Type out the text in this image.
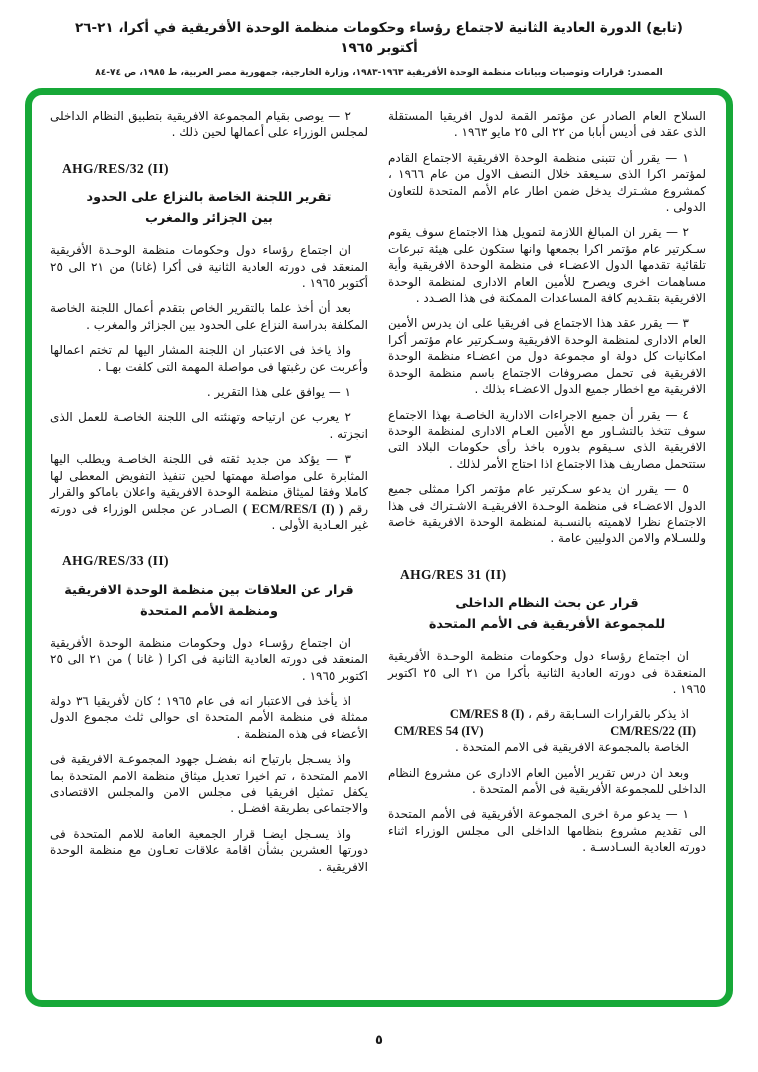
(تابع) الدورة العادية الثانية لاجتماع رؤساء وحكومات منظمة الوحدة الأفريقية في أكرا، ٢١-٢٦ أكتوبر ١٩٦٥
المصدر: قرارات وتوصيات وبيانات منظمة الوحدة الأفريقية ١٩٦٣-١٩٨٣، وزارة الخارجية، جمهورية مصر العربية، ط ١٩٨٥، ص ٧٤-٨٤

السلاح العام الصادر عن مؤتمر القمة لدول افريقيا المستقلة الذى عقد فى أديس أبابا من ٢٢ الى ٢٥ مايو ١٩٦٣ .

١ — يقرر أن تتبنى منظمة الوحدة الافريقية الاجتماع القادم لمؤتمر اكرا الذى سـيعقد خلال النصف الاول من عام ١٩٦٦ ، كمشروع مشـترك يدخل ضمن اطار عام الأمم المتحدة للتعاون الدولى .

٢ — يقرر ان المبالغ اللازمة لتمويل هذا الاجتماع سوف يقوم سـكرتير عام مؤتمر اكرا بجمعها وانها ستكون على هيئة تبرعات تلقائية تقدمها الدول الاعضـاء فى منظمة الوحدة الافريقية وأية مساهمات اخرى ويصرح للأمين العام الادارى لمنظمة الوحدة الافريقية بتقـديم كافة المساعدات الممكنة فى هذا الصـدد .

٣ — يقرر عقد هذا الاجتماع فى افريقيا على ان يدرس الأمين العام الادارى لمنظمة الوحدة الافريقية وسـكرتير عام مؤتمر أكرا امكانيات كل دولة او مجموعة دول من اعضـاء منظمة الوحدة الافريقية فى تحمل مصروفات الاجتماع باسم منظمة الوحدة الافريقية مع اخطار جميع الدول الاعضـاء بذلك .

٤ — يقرر أن جميع الاجراءات الادارية الخاصـة بهذا الاجتماع سوف تتخذ بالتشـاور مع الأمين العـام الادارى لمنظمة الوحدة الافريقية الذى سـيقوم بدوره باخذ رأى حكومات البلاد التى ستتحمل مصاريف هذا الاجتماع اذا احتاج الأمر لذلك .

٥ — يقرر ان يدعو سـكرتير عام مؤتمر اكرا ممثلى جميع الدول الاعضـاء فى منظمة الوحـدة الافريقيـة الاشـتراك فى هذا الاجتماع نظرا لاهميته بالنسـبة لمنظمة الوحدة الافريقية خاصة وللسـلام والامن الدوليين عامة .

AHG/RES 31 (II)
قرار عن بحث النظام الداخلى
للمجموعة الأفريقية فى الأمم المتحدة

ان اجتماع رؤساء دول وحكومات منظمة الوحـدة الأفريقية المنعقدة فى دورته العادية الثانية بأكرا من ٢١ الى ٢٥ اكتوبر ١٩٦٥ .

اذ يذكر بالقرارات السـابقة رقم ، CM/RES 8 (I)

CM/RES 54 (IV)	CM/RES/22 (II)

الخاصة بالمجموعة الافريقية فى الامم المتحدة .

وبعد ان درس تقرير الأمين العام الادارى عن مشروع النظام الداخلى للمجموعة الأفريقية فى الأمم المتحدة .

١ — يدعو مرة اخرى المجموعة الأفريقية فى الأمم المتحدة الى تقديم مشروع بنظامها الداخلى الى مجلس الوزراء اثناء دورته العادية السـادسـة .

٢ — يوصى بقيام المجموعة الافريقية بتطبيق النظام الداخلى لمجلس الوزراء على أعمالها لحين ذلك .

AHG/RES/32 (II)
تقرير اللجنة الخاصة بالنزاع على الحدود
بين الجزائر والمغرب

ان اجتماع رؤساء دول وحكومات منظمة الوحـدة الأفريقية المنعقد فى دورته العادية الثانية فى أكرا (غانا) من ٢١ الى ٢٥ أكتوبر ١٩٦٥ .

بعد أن أخذ علما بالتقرير الخاص بتقدم أعمال اللجنة الخاصة المكلفة بدراسة النزاع على الحدود بين الجزائر والمغرب .

واذ ياخذ فى الاعتبار ان اللجنة المشار اليها لم تختم اعمالها وأعربت عن رغبتها فى مواصلة المهمة التى كلفت بهـا .

١ — يوافق على هذا التقرير .

٢ يعرب عن ارتياحه وتهنئته الى اللجنة الخاصـة للعمل الذى انجزته .

٣ — يؤكد من جديد ثقته فى اللجنة الخاصـة ويطلب اليها المثابرة على مواصلة مهمتها لحين تنفيذ التفويض المعطى لها كاملا وفقا لميثاق منظمة الوحدة الافريقية واعلان باماكو والقرار رقم ( ECM/RES/I (I) ) الصـادر عن مجلس الوزراء فى دورته غير العـادية الأولى .

AHG/RES/33 (II)
قرار عن العلاقات بين منظمة الوحدة الافريقية
ومنظمة الأمم المتحدة

ان اجتماع رؤسـاء دول وحكومات منظمة الوحدة الأفريقية المنعقد فى دورته العادية الثانية فى اكرا ( غانا ) من ٢١ الى ٢٥ اكتوبر ١٩٦٥ .

اذ يأخذ فى الاعتبار انه فى عام ١٩٦٥ ؛ كان لأفريقيا ٣٦ دولة ممثلة فى منظمة الأمم المتحدة اى حوالى ثلث مجموع الدول الأعضاء فى هذه المنظمة .

واذ يسـجل بارتياح انه بفضـل جهود المجموعـة الافريقية فى الامم المتحدة ، تم اخيرا تعديل ميثاق منظمة الامم المتحدة بما يكفل تمثيل افريقيا فى مجلس الامن والمجلس الاقتصادى والاجتماعى بطريقة افضـل .

واذ يسـجل ايضـا قرار الجمعية العامة للامم المتحدة فى دورتها العشرين بشأن اقامة علاقات تعـاون مع منظمة الوحدة الافريقية .

٥
